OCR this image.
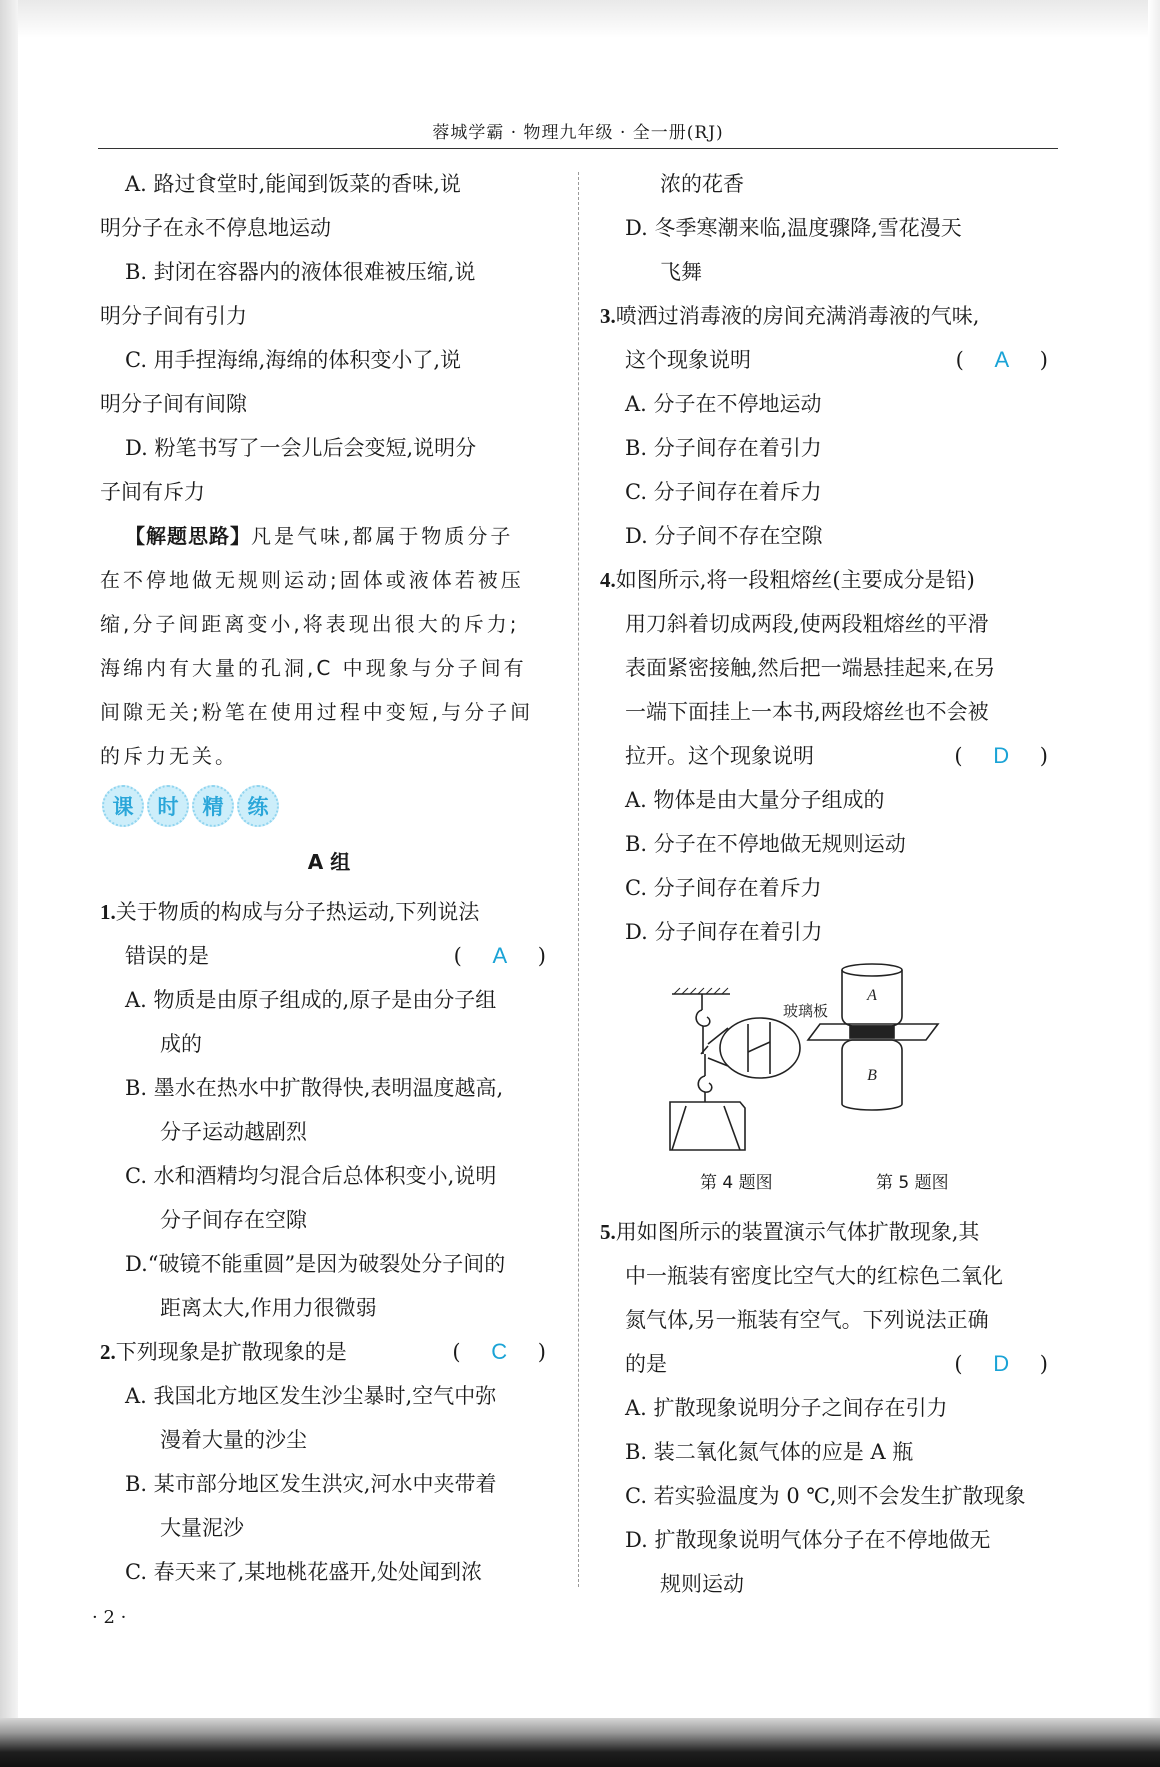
蓉城学霸 · 物理九年级 · 全一册(RJ)
A. 路过食堂时,能闻到饭菜的香味,说
明分子在永不停息地运动
B. 封闭在容器内的液体很难被压缩,说
明分子间有引力
C. 用手捏海绵,海绵的体积变小了,说
明分子间有间隙
D. 粉笔书写了一会儿后会变短,说明分
子间有斥力
【解题思路】凡是气味,都属于物质分子
在不停地做无规则运动;固体或液体若被压
缩,分子间距离变小,将表现出很大的斥力;
海绵内有大量的孔洞,C 中现象与分子间有
间隙无关;粉笔在使用过程中变短,与分子间
的斥力无关。
课	时	精	练
A 组
1.关于物质的构成与分子热运动,下列说法
错误的是	( A )
A. 物质是由原子组成的,原子是由分子组
成的
B. 墨水在热水中扩散得快,表明温度越高,
分子运动越剧烈
C. 水和酒精均匀混合后总体积变小,说明
分子间存在空隙
D.“破镜不能重圆”是因为破裂处分子间的
距离太大,作用力很微弱
2.下列现象是扩散现象的是	( C )
A. 我国北方地区发生沙尘暴时,空气中弥
漫着大量的沙尘
B. 某市部分地区发生洪灾,河水中夹带着
大量泥沙
C. 春天来了,某地桃花盛开,处处闻到浓
浓的花香
D. 冬季寒潮来临,温度骤降,雪花漫天
飞舞
3.喷洒过消毒液的房间充满消毒液的气味,
这个现象说明	( A )
A. 分子在不停地运动
B. 分子间存在着引力
C. 分子间存在着斥力
D. 分子间不存在空隙
4.如图所示,将一段粗熔丝(主要成分是铅)
用刀斜着切成两段,使两段粗熔丝的平滑
表面紧密接触,然后把一端悬挂起来,在另
一端下面挂上一本书,两段熔丝也不会被
拉开。这个现象说明	( D )
A. 物体是由大量分子组成的
B. 分子在不停地做无规则运动
C. 分子间存在着斥力
D. 分子间存在着引力
玻璃板
A
B
第 4 题图	第 5 题图
5.用如图所示的装置演示气体扩散现象,其
中一瓶装有密度比空气大的红棕色二氧化
氮气体,另一瓶装有空气。下列说法正确
的是	( D )
A. 扩散现象说明分子之间存在引力
B. 装二氧化氮气体的应是 A 瓶
C. 若实验温度为 0 ℃,则不会发生扩散现象
D. 扩散现象说明气体分子在不停地做无
规则运动
· 2 ·
